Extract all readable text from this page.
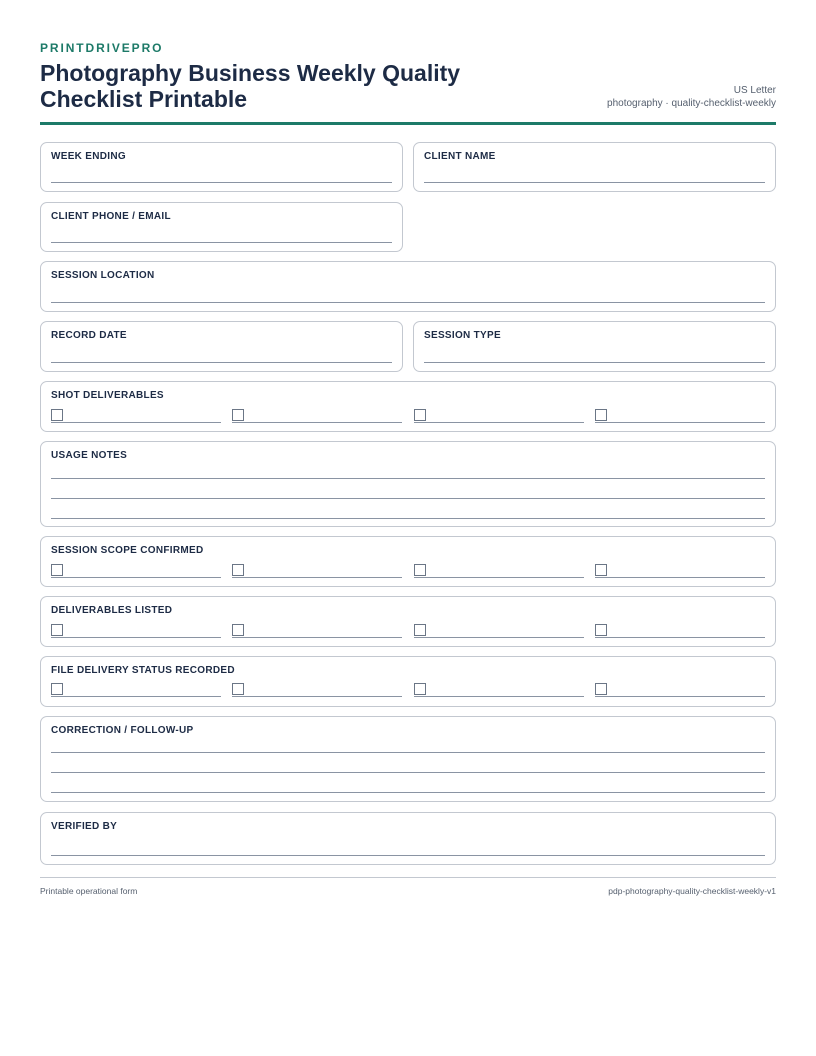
PRINTDRIVEPRO
Photography Business Weekly Quality Checklist Printable	US Letter
photography · quality-checklist-weekly
WEEK ENDING	CLIENT NAME
CLIENT PHONE / EMAIL
SESSION LOCATION
RECORD DATE	SESSION TYPE
SHOT DELIVERABLES
USAGE NOTES
SESSION SCOPE CONFIRMED
DELIVERABLES LISTED
FILE DELIVERY STATUS RECORDED
CORRECTION / FOLLOW-UP
VERIFIED BY
Printable operational form	pdp-photography-quality-checklist-weekly-v1
